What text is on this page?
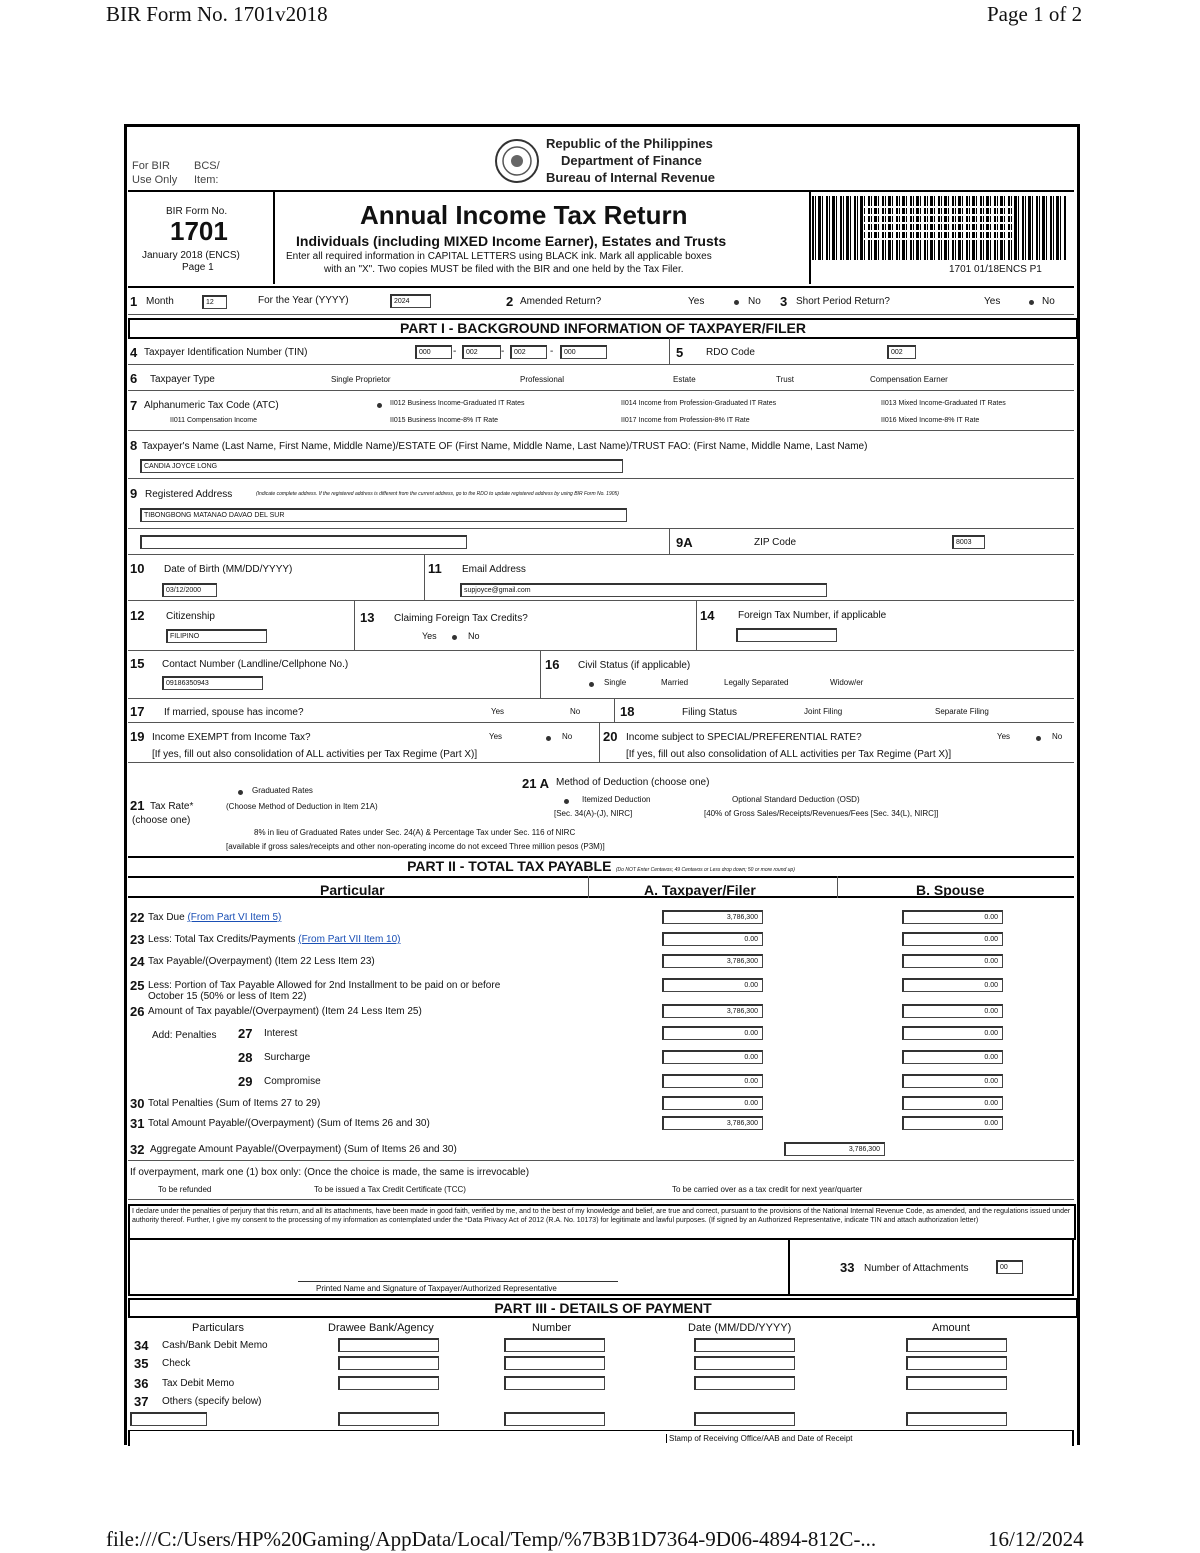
BIR Form No. 1701v2018	Page 1 of 2
file:///C:/Users/HP%20Gaming/AppData/Local/Temp/%7B3B1D7364-9D06-4894-812C-...	16/12/2024
For BIR
Use Only
BCS/
Item:
Republic of the Philippines
Department of Finance
Bureau of Internal Revenue
BIR Form No.
1701
January 2018 (ENCS)
Page 1
Annual Income Tax Return
Individuals (including MIXED Income Earner), Estates and Trusts
Enter all required information in CAPITAL LETTERS using BLACK ink. Mark all applicable boxes
with an "X". Two copies MUST be filed with the BIR and one held by the Tax Filer.	1701 01/18ENCS P1
1 Month	12	For the Year (YYYY)	2024	2 Amended Return?	Yes	No 3 Short Period Return?	Yes	No
PART I - BACKGROUND INFORMATION OF TAXPAYER/FILER
4 Taxpayer Identification Number (TIN)	000	-	002	-	002	-	000	5 RDO Code	002
6 Taxpayer Type	Single Proprietor	Professional	Estate	Trust	Compensation Earner
7 Alphanumeric Tax Code (ATC)	II012 Business Income-Graduated IT Rates	II014 Income from Profession-Graduated IT Rates	II013 Mixed Income-Graduated IT Rates
II011 Compensation Income	II015 Business Income-8% IT Rate	II017 Income from Profession-8% IT Rate	II016 Mixed Income-8% IT Rate
8 Taxpayer's Name (Last Name, First Name, Middle Name)/ESTATE OF (First Name, Middle Name, Last Name)/TRUST FAO: (First Name, Middle Name, Last Name)
CANDIA JOYCE LONG
9 Registered Address	(Indicate complete address. If the registered address is different from the current address, go to the RDO to update registered address by using BIR Form No. 1905)
TIBONGBONG MATANAO DAVAO DEL SUR
9A	ZIP Code	8003
10 Date of Birth (MM/DD/YYYY)
03/12/2000
11 Email Address
supjoyce@gmail.com
12 Citizenship
FILIPINO
13 Claiming Foreign Tax Credits?
Yes	No
14 Foreign Tax Number, if applicable
15 Contact Number (Landline/Cellphone No.)
09186350943
16 Civil Status (if applicable)
Single	Married	Legally Separated	Widow/er
17 If married, spouse has income?	Yes	No	18	Filing Status	Joint Filing	Separate Filing
19 Income EXEMPT from Income Tax?	Yes	No
[If yes, fill out also consolidation of ALL activities per Tax Regime (Part X)]
20 Income subject to SPECIAL/PREFERENTIAL RATE?	Yes	No
[If yes, fill out also consolidation of ALL activities per Tax Regime (Part X)]
Graduated Rates
21 Tax Rate*
(choose one)
(Choose Method of Deduction in Item 21A)
21 A Method of Deduction (choose one)
Itemized Deduction
[Sec. 34(A)-(J), NIRC]
Optional Standard Deduction (OSD)
[40% of Gross Sales/Receipts/Revenues/Fees [Sec. 34(L), NIRC]]
8% in lieu of Graduated Rates under Sec. 24(A) & Percentage Tax under Sec. 116 of NIRC
[available if gross sales/receipts and other non-operating income do not exceed Three million pesos (P3M)]
PART II - TOTAL TAX PAYABLE (Do NOT Enter Centavos; 49 Centavos or Less drop down; 50 or more round up)
Particular	A. Taxpayer/Filer	B. Spouse
22 Tax Due (From Part VI Item 5)	3,786,300	0.00
23 Less: Total Tax Credits/Payments (From Part VII Item 10)	0.00	0.00
24 Tax Payable/(Overpayment) (Item 22 Less Item 23)	3,786,300	0.00
25 Less: Portion of Tax Payable Allowed for 2nd Installment to be paid on or before
October 15 (50% or less of Item 22)
0.00	0.00
26 Amount of Tax payable/(Overpayment) (Item 24 Less Item 25)	3,786,300	0.00
27 Interest	0.00	0.00
28 Surcharge	0.00	0.00
29 Compromise	0.00	0.00
30 Total Penalties (Sum of Items 27 to 29)	0.00	0.00
31 Total Amount Payable/(Overpayment) (Sum of Items 26 and 30)	3,786,300	0.00
Add: Penalties
32 Aggregate Amount Payable/(Overpayment) (Sum of Items 26 and 30)	3,786,300
If overpayment, mark one (1) box only: (Once the choice is made, the same is irrevocable)
To be refunded	To be issued a Tax Credit Certificate (TCC)	To be carried over as a tax credit for next year/quarter
I declare under the penalties of perjury that this return, and all its attachments, have been made in good faith, verified by me, and to the best of my knowledge and belief, are true and correct, pursuant to the provisions of the National Internal Revenue Code, as amended, and the regulations issued under authority thereof. Further, I give my consent to the processing of my information as contemplated under the *Data Privacy Act of 2012 (R.A. No. 10173) for legitimate and lawful purposes. (If signed by an Authorized Representative, indicate TIN and attach authorization letter)
Printed Name and Signature of Taxpayer/Authorized Representative
33 Number of Attachments	00
PART III - DETAILS OF PAYMENT
Particulars	Drawee Bank/Agency	Number	Date (MM/DD/YYYY)	Amount
34 Cash/Bank Debit Memo
35 Check
36 Tax Debit Memo
37 Others (specify below)
Stamp of Receiving Office/AAB and Date of Receipt
